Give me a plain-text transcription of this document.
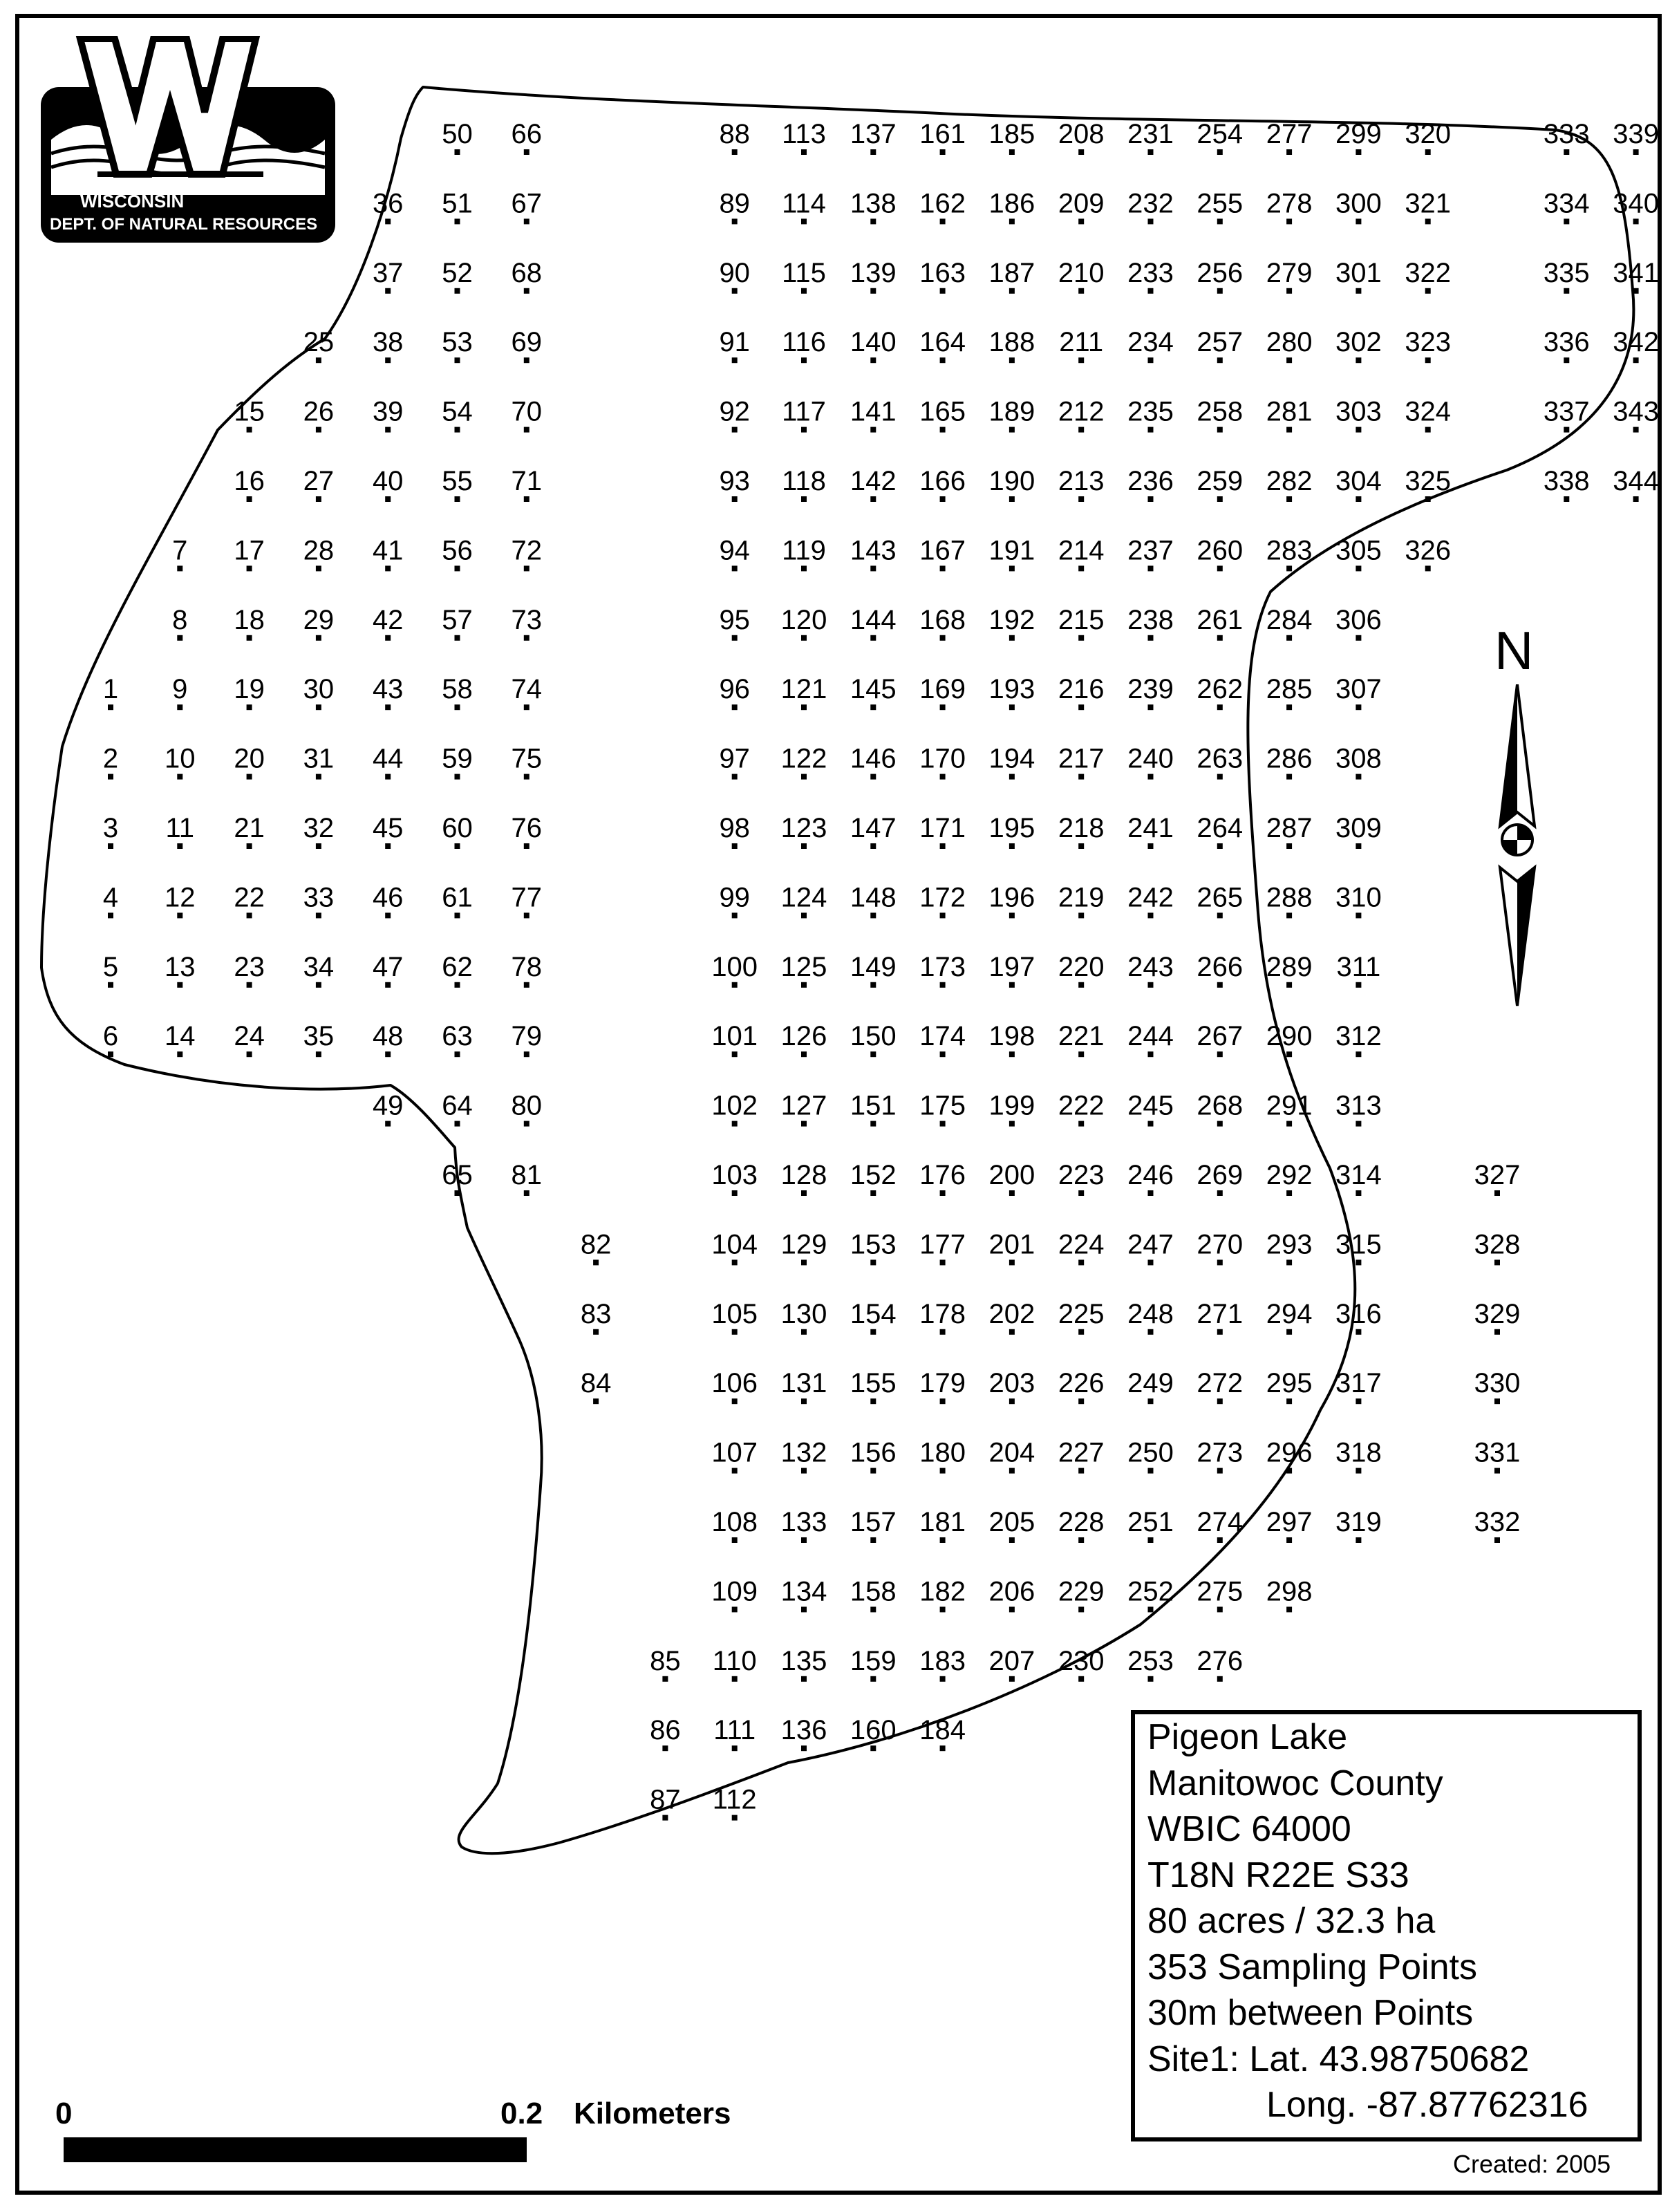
1
2
3
4
5
6
7
8
9
10
11
12
13
14
15
16
17
18
19
20
21
22
23
24
25
26
27
28
29
30
31
32
33
34
35
36
37
38
39
40
41
42
43
44
45
46
47
48
49
50
51
52
53
54
55
56
57
58
59
60
61
62
63
64
65
66
67
68
69
70
71
72
73
74
75
76
77
78
79
80
81
82
83
84
85
86
87
88
89
90
91
92
93
94
95
96
97
98
99
100
101
102
103
104
105
106
107
108
109
110
111
112
113
114
115
116
117
118
119
120
121
122
123
124
125
126
127
128
129
130
131
132
133
134
135
136
137
138
139
140
141
142
143
144
145
146
147
148
149
150
151
152
153
154
155
156
157
158
159
160
161
162
163
164
165
166
167
168
169
170
171
172
173
174
175
176
177
178
179
180
181
182
183
184
185
186
187
188
189
190
191
192
193
194
195
196
197
198
199
200
201
202
203
204
205
206
207
208
209
210
211
212
213
214
215
216
217
218
219
220
221
222
223
224
225
226
227
228
229
230
231
232
233
234
235
236
237
238
239
240
241
242
243
244
245
246
247
248
249
250
251
252
253
254
255
256
257
258
259
260
261
262
263
264
265
266
267
268
269
270
271
272
273
274
275
276
277
278
279
280
281
282
283
284
285
286
287
288
289
290
291
292
293
294
295
296
297
298
299
300
301
302
303
304
305
306
307
308
309
310
311
312
313
314
315
316
317
318
319
320
321
322
323
324
325
326
327
328
329
330
331
332
333
334
335
336
337
338
339
340
341
342
343
344
WISCONSIN
DEPT. OF NATURAL RESOURCES
N
Pigeon Lake
Manitowoc County
WBIC 64000
T18N R22E S33
80 acres / 32.3 ha
353 Sampling Points
30m between Points
Site1: Lat. 43.98750682
Long. -87.87762316
Created: 2005
0	0.2 Kilometers
